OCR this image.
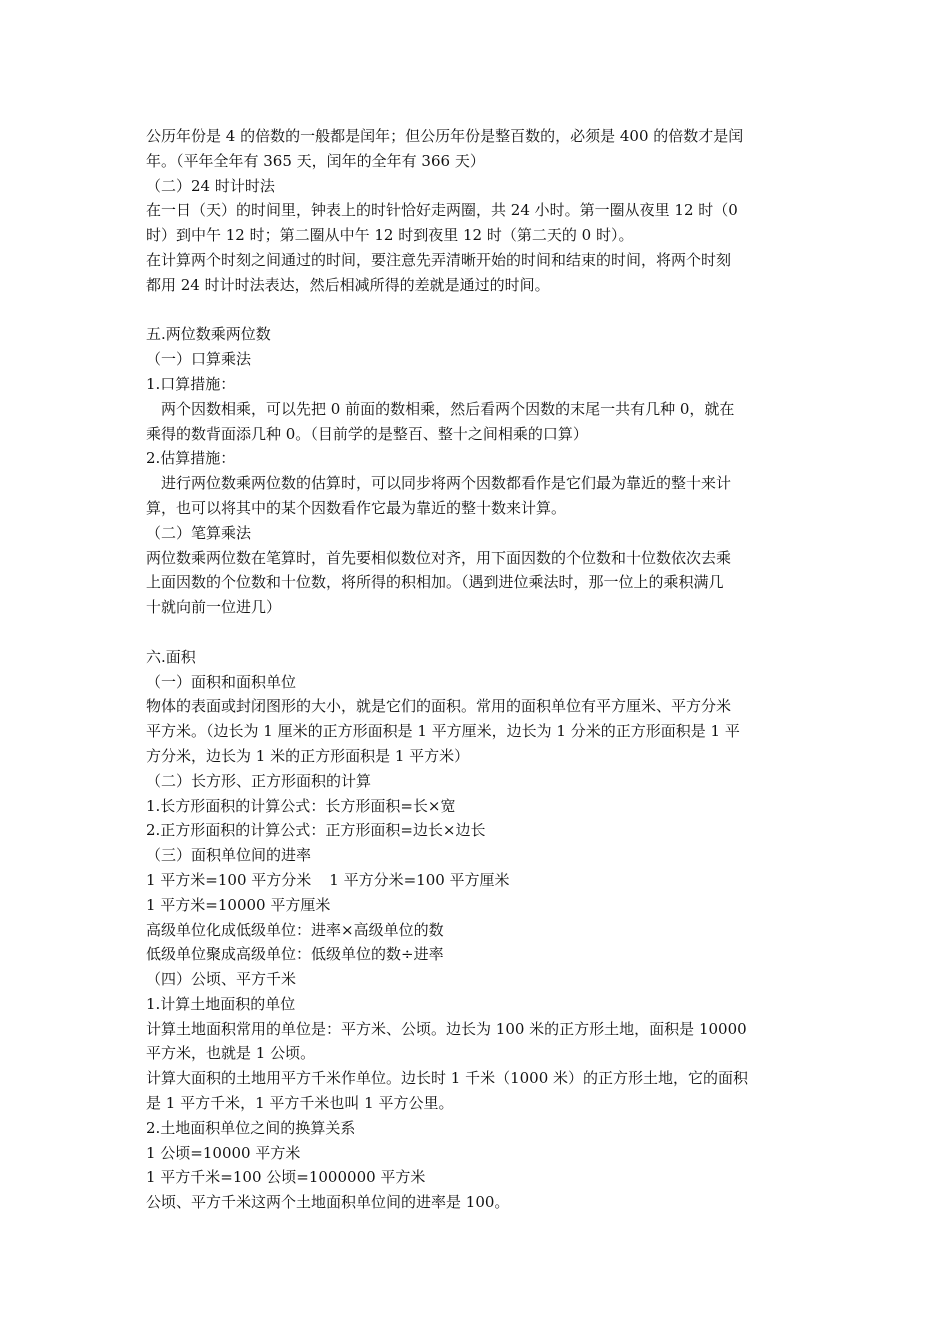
公历年份是 4 的倍数的一般都是闰年；但公历年份是整百数的，必须是 400 的倍数才是闰
年。（平年全年有 365 天，闰年的全年有 366 天）
（二）24 时计时法
在一日（天）的时间里，钟表上的时针恰好走两圈，共 24 小时。第一圈从夜里 12 时（0
时）到中午 12 时；第二圈从中午 12 时到夜里 12 时（第二天的 0 时）。
在计算两个时刻之间通过的时间，要注意先弄清晰开始的时间和结束的时间，将两个时刻
都用 24 时计时法表达，然后相减所得的差就是通过的时间。
五.两位数乘两位数
（一）口算乘法
1.口算措施：
两个因数相乘，可以先把 0 前面的数相乘，然后看两个因数的末尾一共有几种 0，就在
乘得的数背面添几种 0。（目前学的是整百、整十之间相乘的口算）
2.估算措施：
进行两位数乘两位数的估算时，可以同步将两个因数都看作是它们最为靠近的整十来计
算，也可以将其中的某个因数看作它最为靠近的整十数来计算。
（二）笔算乘法
两位数乘两位数在笔算时，首先要相似数位对齐，用下面因数的个位数和十位数依次去乘
上面因数的个位数和十位数，将所得的积相加。（遇到进位乘法时，那一位上的乘积满几
十就向前一位进几）
六.面积
（一）面积和面积单位
物体的表面或封闭图形的大小，就是它们的面积。常用的面积单位有平方厘米、平方分米
平方米。（边长为 1 厘米的正方形面积是 1 平方厘米，边长为 1 分米的正方形面积是 1 平
方分米，边长为 1 米的正方形面积是 1 平方米）
（二）长方形、正方形面积的计算
1.长方形面积的计算公式：长方形面积=长×宽
2.正方形面积的计算公式：正方形面积=边长×边长
（三）面积单位间的进率
1 平方米=100 平方分米 1 平方分米=100 平方厘米
1 平方米=10000 平方厘米
高级单位化成低级单位：进率×高级单位的数
低级单位聚成高级单位：低级单位的数÷进率
（四）公顷、平方千米
1.计算土地面积的单位
计算土地面积常用的单位是：平方米、公顷。边长为 100 米的正方形土地，面积是 10000
平方米，也就是 1 公顷。
计算大面积的土地用平方千米作单位。边长时 1 千米（1000 米）的正方形土地，它的面积
是 1 平方千米，1 平方千米也叫 1 平方公里。
2.土地面积单位之间的换算关系
1 公顷=10000 平方米
1 平方千米=100 公顷=1000000 平方米
公顷、平方千米这两个土地面积单位间的进率是 100。
